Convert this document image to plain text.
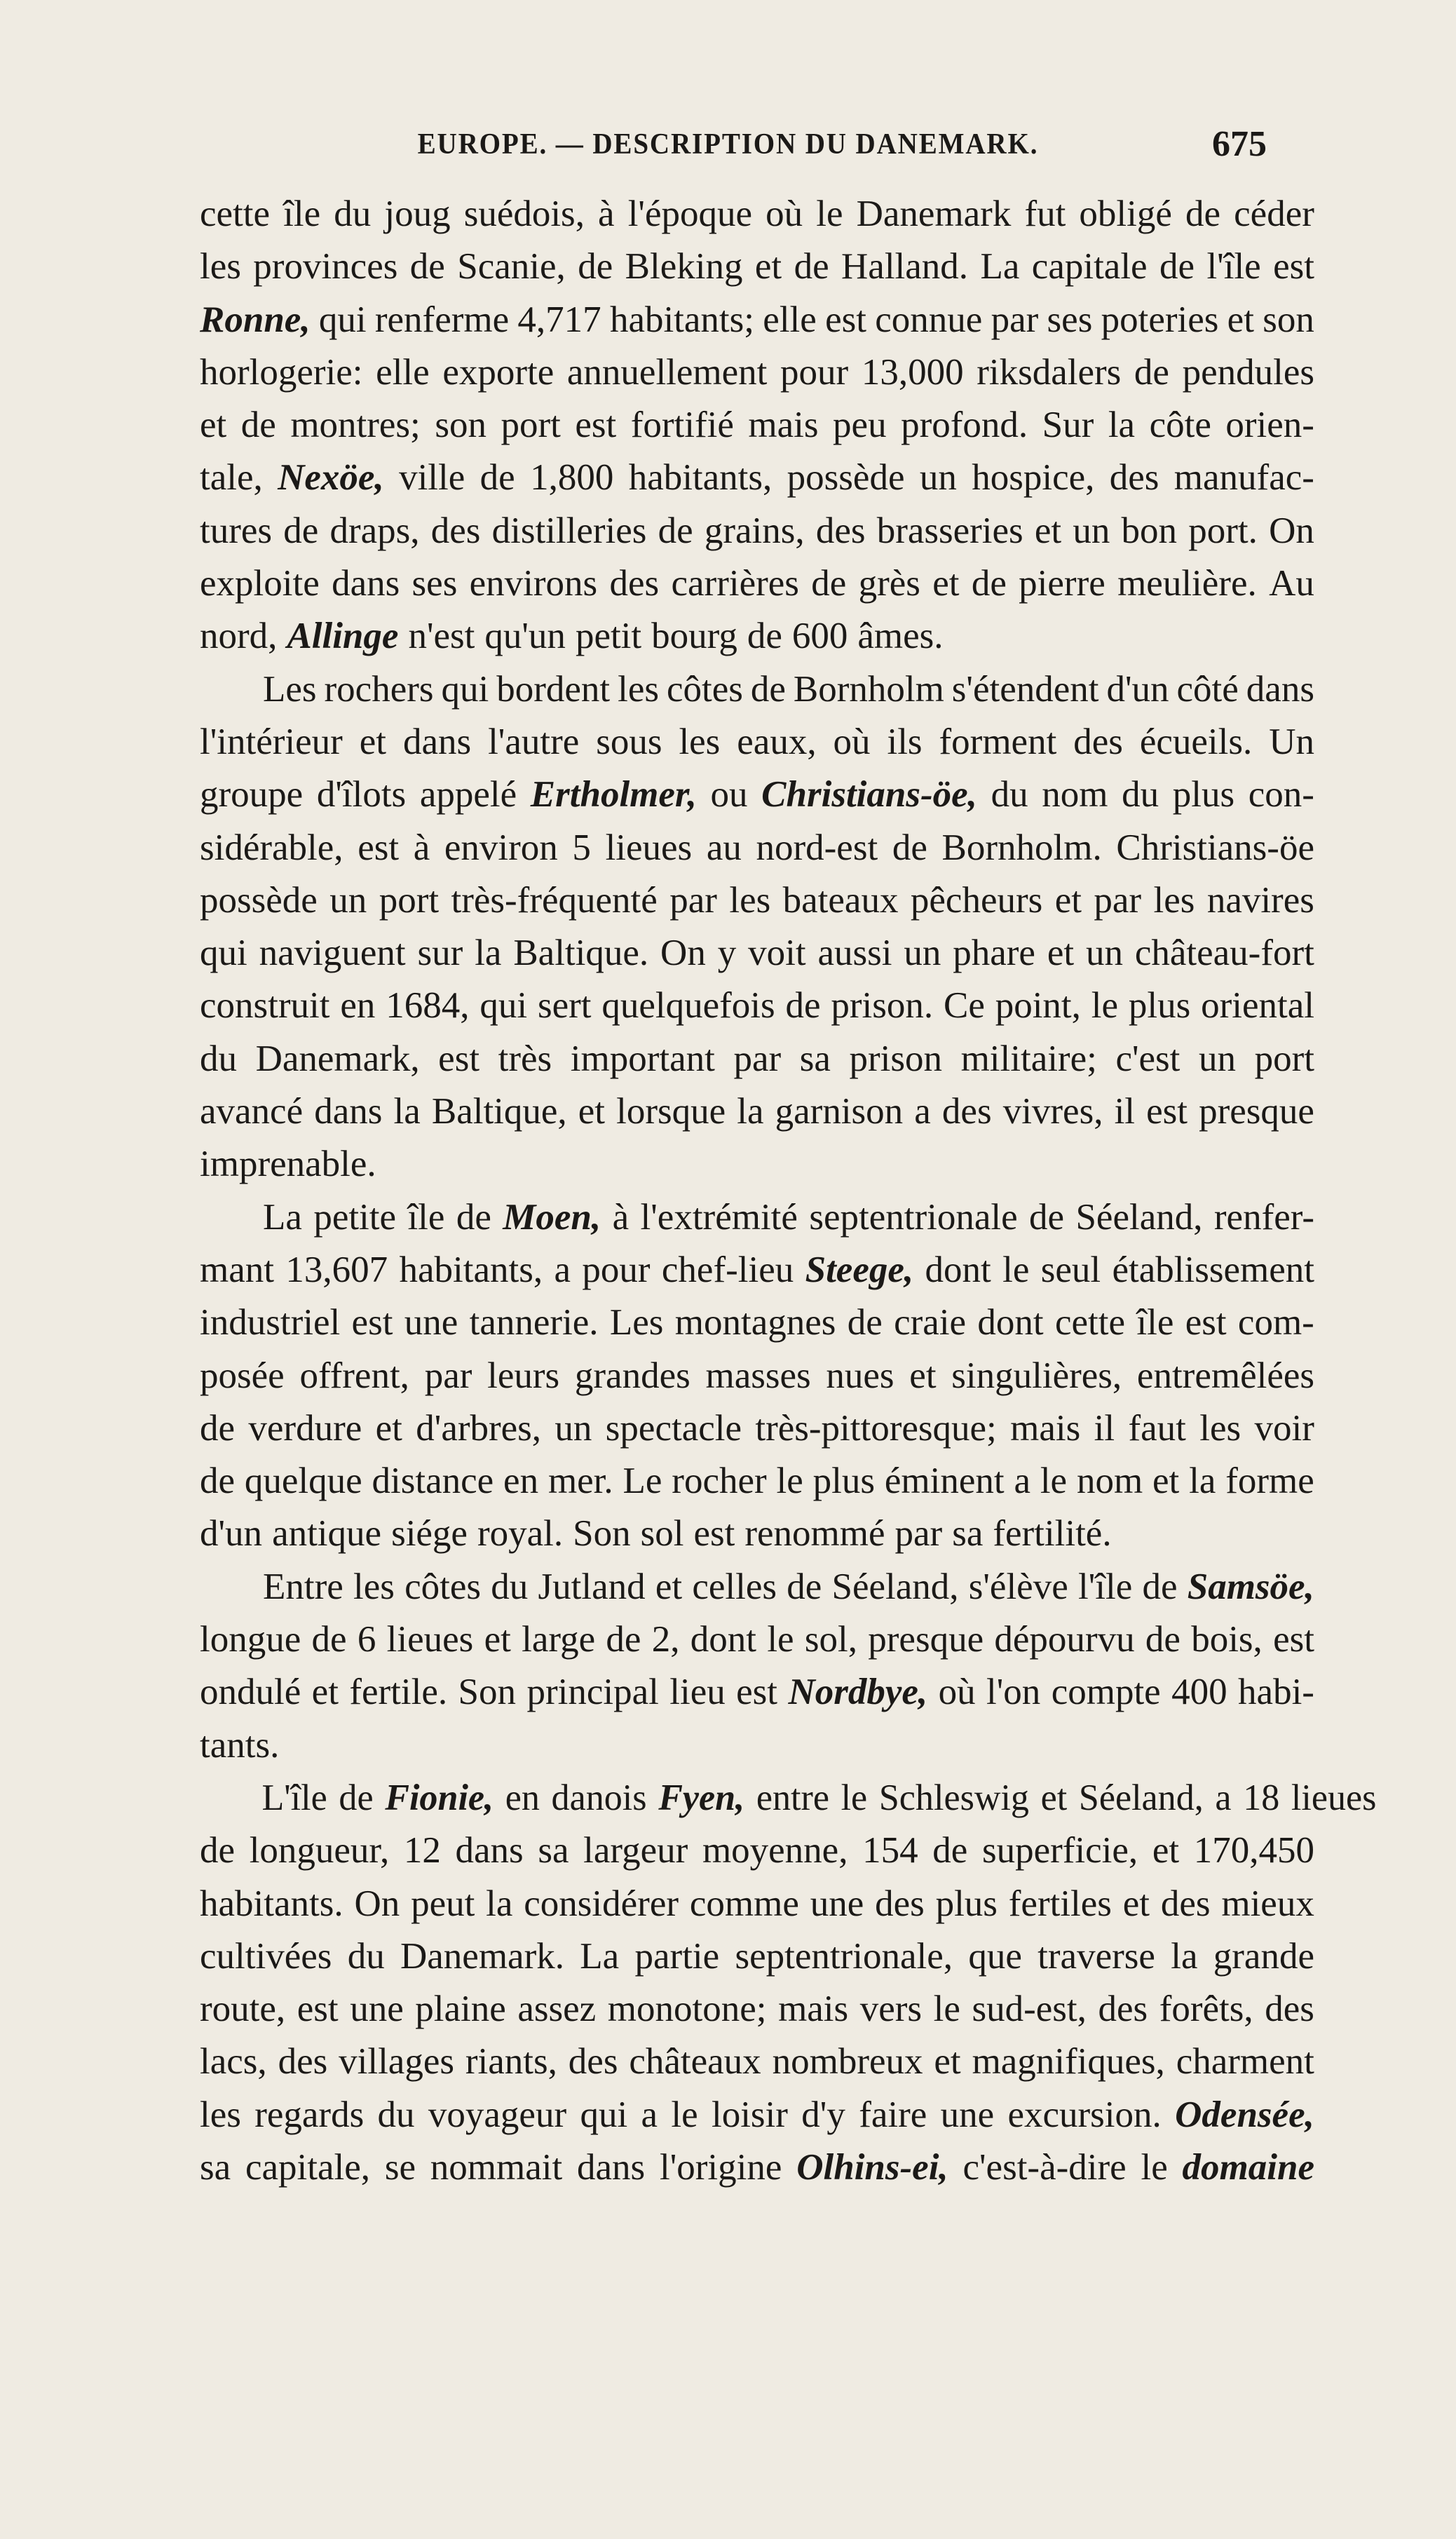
EUROPE. — DESCRIPTION DU DANEMARK.	675
cette île du joug suédois, à l'époque où le Danemark fut obligé de céder
les provinces de Scanie, de Bleking et de Halland. La capitale de l'île est
Ronne, qui renferme 4,717 habitants; elle est connue par ses poteries et son
horlogerie: elle exporte annuellement pour 13,000 riksdalers de pendules
et de montres; son port est fortifié mais peu profond. Sur la côte orien-
tale, Nexöe, ville de 1,800 habitants, possède un hospice, des manufac-
tures de draps, des distilleries de grains, des brasseries et un bon port. On
exploite dans ses environs des carrières de grès et de pierre meulière. Au
nord, Allinge n'est qu'un petit bourg de 600 âmes.
Les rochers qui bordent les côtes de Bornholm s'étendent d'un côté dans
l'intérieur et dans l'autre sous les eaux, où ils forment des écueils. Un
groupe d'îlots appelé Ertholmer, ou Christians-öe, du nom du plus con-
sidérable, est à environ 5 lieues au nord-est de Bornholm. Christians-öe
possède un port très-fréquenté par les bateaux pêcheurs et par les navires
qui naviguent sur la Baltique. On y voit aussi un phare et un château-fort
construit en 1684, qui sert quelquefois de prison. Ce point, le plus oriental
du Danemark, est très important par sa prison militaire; c'est un port
avancé dans la Baltique, et lorsque la garnison a des vivres, il est presque
imprenable.
La petite île de Moen, à l'extrémité septentrionale de Séeland, renfer-
mant 13,607 habitants, a pour chef-lieu Steege, dont le seul établissement
industriel est une tannerie. Les montagnes de craie dont cette île est com-
posée offrent, par leurs grandes masses nues et singulières, entremêlées
de verdure et d'arbres, un spectacle très-pittoresque; mais il faut les voir
de quelque distance en mer. Le rocher le plus éminent a le nom et la forme
d'un antique siége royal. Son sol est renommé par sa fertilité.
Entre les côtes du Jutland et celles de Séeland, s'élève l'île de Samsöe,
longue de 6 lieues et large de 2, dont le sol, presque dépourvu de bois, est
ondulé et fertile. Son principal lieu est Nordbye, où l'on compte 400 habi-
tants.
L'île de Fionie, en danois Fyen, entre le Schleswig et Séeland, a 18 lieues
de longueur, 12 dans sa largeur moyenne, 154 de superficie, et 170,450
habitants. On peut la considérer comme une des plus fertiles et des mieux
cultivées du Danemark. La partie septentrionale, que traverse la grande
route, est une plaine assez monotone; mais vers le sud-est, des forêts, des
lacs, des villages riants, des châteaux nombreux et magnifiques, charment
les regards du voyageur qui a le loisir d'y faire une excursion. Odensée,
sa capitale, se nommait dans l'origine Olhins-ei, c'est-à-dire le domaine
